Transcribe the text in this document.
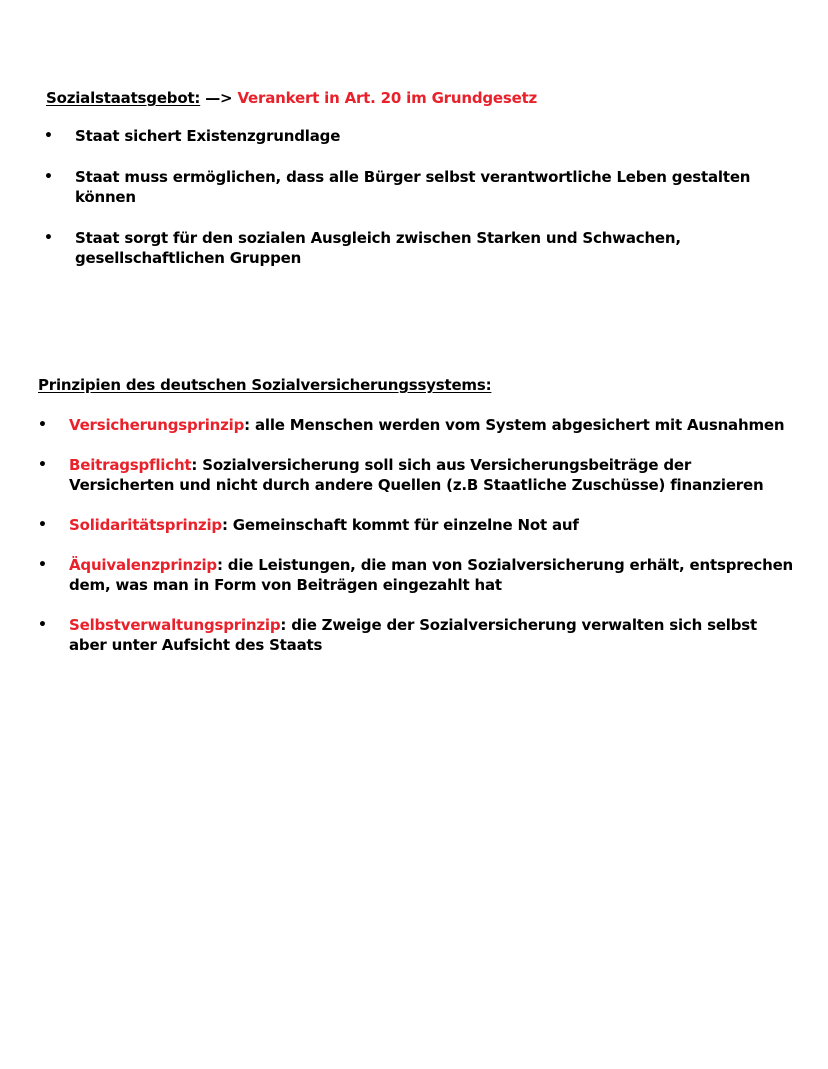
Sozialstaatsgebot: —> Verankert in Art. 20 im Grundgesetz
• Staat sichert Existenzgrundlage
• Staat muss ermöglichen, dass alle Bürger selbst verantwortliche Leben gestalten können
• Staat sorgt für den sozialen Ausgleich zwischen Starken und Schwachen, gesellschaftlichen Gruppen
Prinzipien des deutschen Sozialversicherungssystems:
• Versicherungsprinzip: alle Menschen werden vom System abgesichert mit Ausnahmen
• Beitragspflicht: Sozialversicherung soll sich aus Versicherungsbeiträge der Versicherten und nicht durch andere Quellen (z.B Staatliche Zuschüsse) finanzieren
• Solidaritätsprinzip: Gemeinschaft kommt für einzelne Not auf
• Äquivalenzprinzip: die Leistungen, die man von Sozialversicherung erhält, entsprechen dem, was man in Form von Beiträgen eingezahlt hat
• Selbstverwaltungsprinzip: die Zweige der Sozialversicherung verwalten sich selbst aber unter Aufsicht des Staats
